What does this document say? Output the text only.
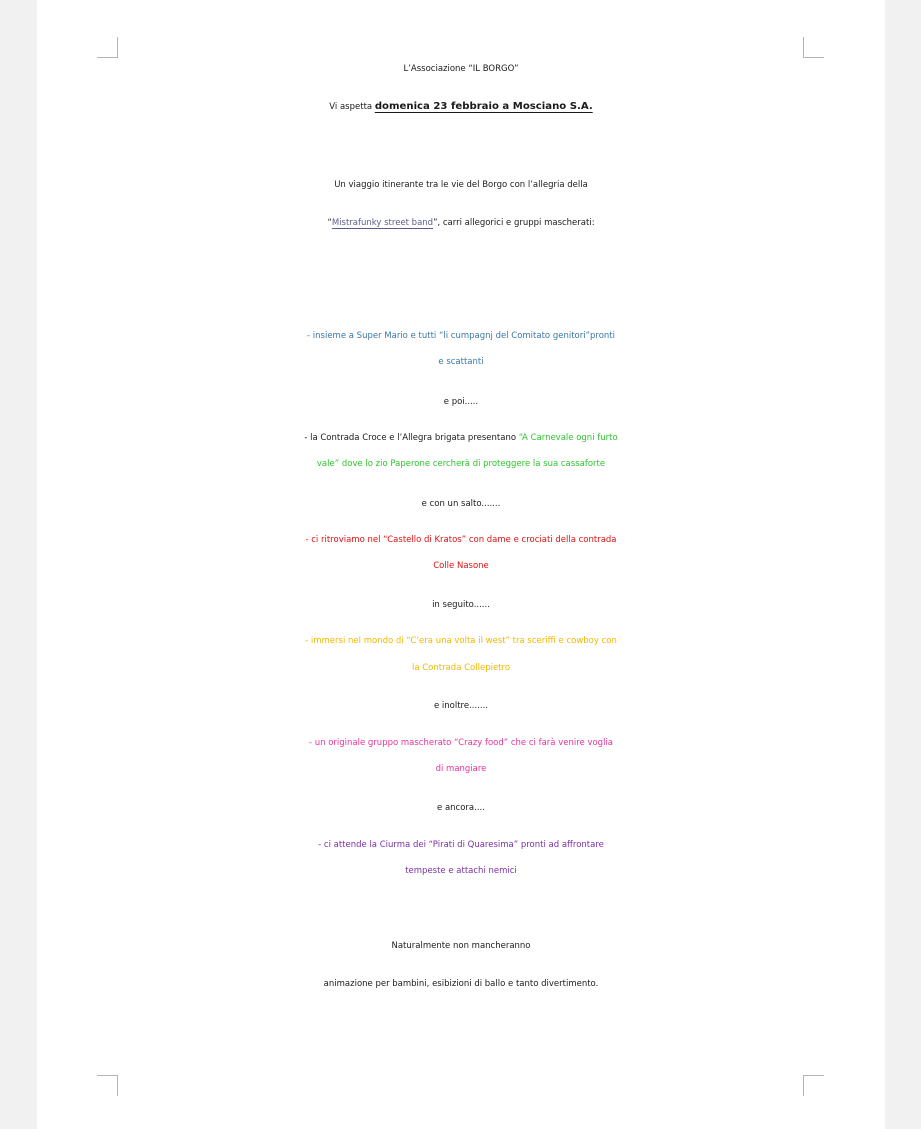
L’Associazione “IL BORGO”
Vi aspetta domenica 23 febbraio a Mosciano S.A.
Un viaggio itinerante tra le vie del Borgo con l’allegria della
“Mistrafunky street band”, carri allegorici e gruppi mascherati:
- insieme a Super Mario e tutti “li cumpagnj del Comitato genitori”pronti
e scattanti
e poi.....
- la Contrada Croce e l’Allegra brigata presentano “A Carnevale ogni furto
vale” dove lo zio Paperone cercherà di proteggere la sua cassaforte
e con un salto.......
- ci ritroviamo nel “Castello di Kratos” con dame e crociati della contrada
Colle Nasone
in seguito......
- immersi nel mondo di “C’era una volta il west” tra sceriffi e cowboy con
la Contrada Collepietro
e inoltre.......
- un originale gruppo mascherato “Crazy food” che ci farà venire voglia
di mangiare
e ancora....
- ci attende la Ciurma dei “Pirati di Quaresima” pronti ad affrontare
tempeste e attachi nemici
Naturalmente non mancheranno
animazione per bambini, esibizioni di ballo e tanto divertimento.
